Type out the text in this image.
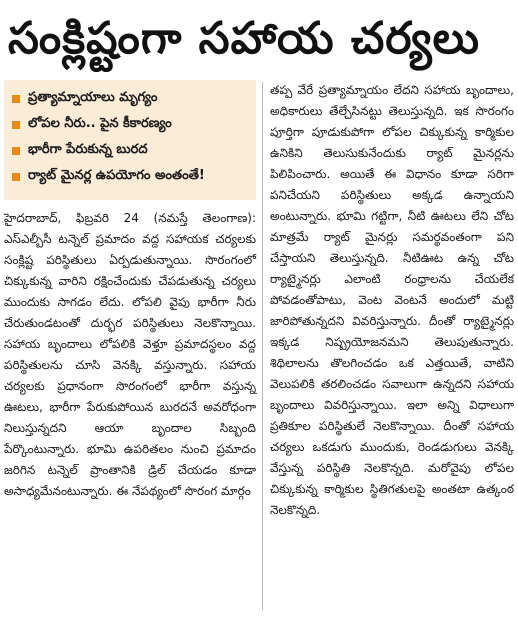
సంక్లిష్టంగా సహాయ చర్యలు
ప్రత్యామ్నాయాలు మృగ్యం
లోపల నీరు.. పైన కీకారణ్యం
భారీగా పేరుకున్న బురద
ర్యాట్ మైనర్ల ఉపయోగం అంతంతే!

హైదరాబాద్, ఫిబ్రవరి 24 (నమస్తే తెలంగాణ): ఎస్ఎల్బీసీ టన్నెల్ ప్రమాదం వద్ద సహాయక చర్యలకు సంక్లిష్ట పరిస్థితులు ఏర్పడుతున్నాయి. సొరంగంలో చిక్కుకున్న వారిని రక్షించేందుకు చేపడుతున్న చర్యలు ముందుకు సాగడం లేదు. లోపలి వైపు భారీగా నీరు చేరుతుండటంతో దుర్భర పరిస్థితులు నెలకొన్నాయి. సహాయ బృందాలు లోపలికి వెళ్తూ ప్రమాదస్థలం వద్ద పరిస్థితులను చూసి వెనక్కి వస్తున్నారు. సహాయ చర్యలకు ప్రధానంగా సొరంగంలో భారీగా వస్తున్న ఊటలు, భారీగా పేరుకుపోయిన బురదనే అవరోధంగా నిలుస్తున్నదని ఆయా బృందాల సిబ్బంది పేర్కొంటున్నారు. భూమి ఉపరితలం నుంచి ప్రమాదం జరిగిన టన్నెల్ ప్రాంతానికి డ్రిల్ చేయడం కూడా అసాధ్యమేనంటున్నారు. ఈ నేపథ్యంలో సొరంగ మార్గం

తప్ప వేరే ప్రత్యామ్నాయం లేదని సహాయ బృందాలు, అధికారులు తేల్చేసినట్టు తెలుస్తున్నది. ఇక సొరంగం పూర్తిగా పూడుకుపోగా లోపల చిక్కుకున్న కార్మికుల ఉనికిని తెలుసుకునేందుకు ర్యాట్ మైనర్లను పిలిపించారు. అయితే ఈ విధానం కూడా సరిగా పనిచేయని పరిస్థితులు అక్కడ ఉన్నాయని అంటున్నారు. భూమి గట్టిగా, నీటి ఊటలు లేని చోట మాత్రమే ర్యాట్ మైనర్లు సమర్థవంతంగా పని చేస్తాయని తెలుస్తున్నది. నీటిఊట ఉన్న చోట ర్యాట్మైనర్లు ఎలాంటి రంధ్రాలను చేయలేక పోవడంతోపాటు, వెంట వెంటనే అందులో మట్టి జారిపోతున్నదని వివరిస్తున్నారు. దీంతో ర్యాట్మైనర్లు ఇక్కడ నిష్ప్రయోజనమని తెలుపుతున్నారు. శిథిలాలను తొలగించడం ఒక ఎత్తయితే, వాటిని వెలుపలికి తరలించడం సవాలుగా ఉన్నదని సహాయ బృందాలు వివరిస్తున్నాయి. ఇలా అన్ని విధాలుగా ప్రతికూల పరిస్థితులే నెలకొన్నాయి. దీంతో సహాయ చర్యలు ఒకడుగు ముందుకు, రెండడుగులు వెనక్కి వేస్తున్న పరిస్థితి నెలకొన్నది. మరోవైపు లోపల చిక్కుకున్న కార్మికుల స్థితిగతులపై అంతటా ఉత్కంఠ నెలకొన్నది.
